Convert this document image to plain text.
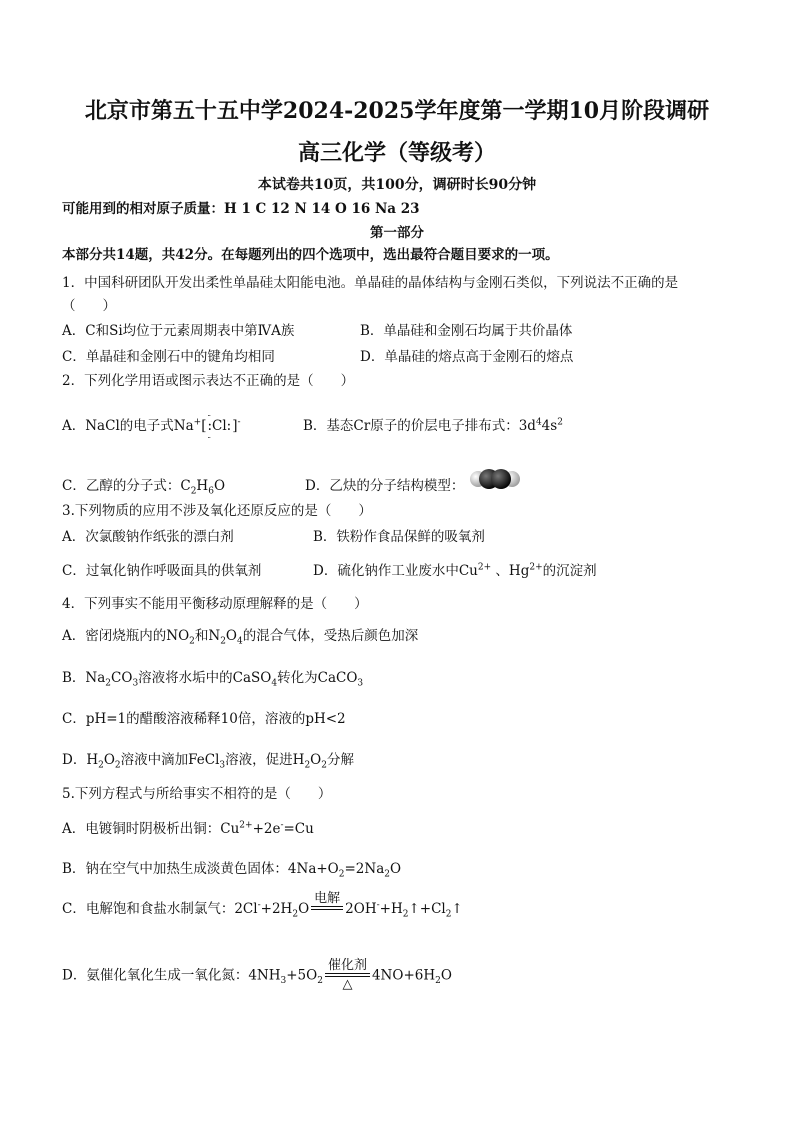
北京市第五十五中学2024-2025学年度第一学期10月阶段调研
高三化学（等级考）
本试卷共10页，共100分，调研时长90分钟
可能用到的相对原子质量：H 1 C 12 N 14 O 16 Na 23
第一部分
本部分共14题，共42分。在每题列出的四个选项中，选出最符合题目要求的一项。
1．中国科研团队开发出柔性单晶硅太阳能电池。单晶硅的晶体结构与金刚石类似，下列说法不正确的是
（　　）
A．C和Si均位于元素周期表中第ⅣA族	B．单晶硅和金刚石均属于共价晶体
C．单晶硅和金刚石中的键角均相同	D．单晶硅的熔点高于金刚石的熔点
2．下列化学用语或图示表达不正确的是（　　）
A．NaCl的电子式Na+[
··
:Cl:
··
]-	B．基态Cr原子的价层电子排布式：$3d^44s^2$
C．乙醇的分子式：$C_2H_6O$	D．乙炔的分子结构模型：
3.下列物质的应用不涉及氧化还原反应的是（　　）
A．次氯酸钠作纸张的漂白剂	B．铁粉作食品保鲜的吸氧剂
C．过氧化钠作呼吸面具的供氧剂	D．硫化钠作工业废水中$Cu^{2+}$ 、$Hg^{2+}$的沉淀剂
4．下列事实不能用平衡移动原理解释的是（　　）
A．密闭烧瓶内的$NO_2$和$N_2O_4$的混合气体，受热后颜色加深
B．$Na_2CO_3$溶液将水垢中的CaSO$_4$转化为CaCO$_3$
C．pH=1的醋酸溶液稀释10倍，溶液的pH<2
D．$H_2O_2$溶液中滴加FeCl$_3$溶液，促进$H_2O_2$分解
5.下列方程式与所给事实不相符的是（　　）
A．电镀铜时阴极析出铜：$Cu^{2+}+2e^-=Cu$
B．钠在空气中加热生成淡黄色固体：$4Na+O_2=2Na_2O$
C．电解饱和食盐水制氯气：$2Cl^-+2H_2O$
电解
$2OH^-+H_2↑+Cl_2↑$
D．氨催化氧化生成一氧化氮：$4NH_3+5O_2$
催化剂
△
$4NO+6H_2O$
